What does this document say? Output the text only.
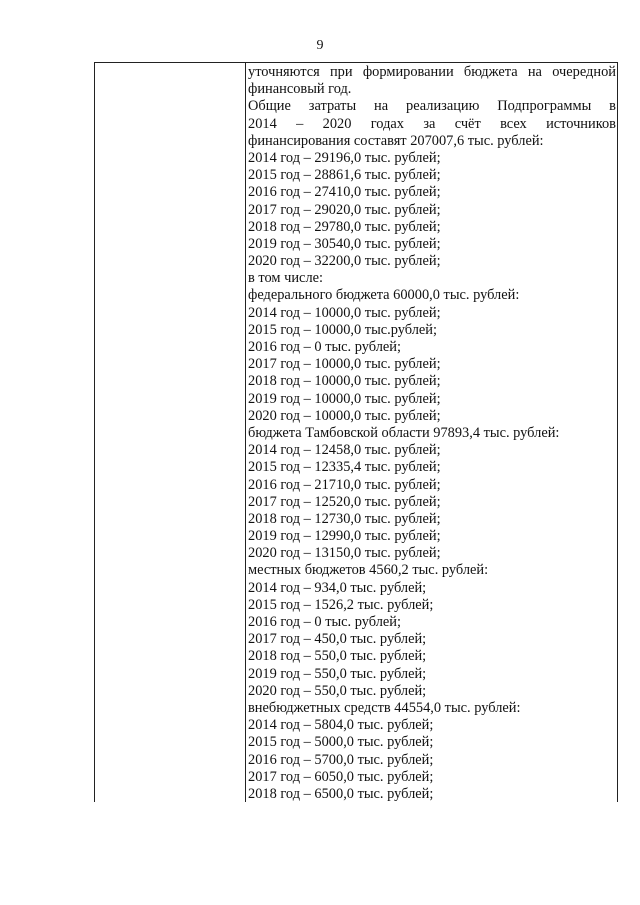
9
уточняются при формировании бюджета на очередной
финансовый год.
Общие затраты на реализацию Подпрограммы в
2014 – 2020 годах за счёт всех источников
финансирования составят 207007,6 тыс. рублей:
2014 год – 29196,0 тыс. рублей;
2015 год – 28861,6 тыс. рублей;
2016 год – 27410,0 тыс. рублей;
2017 год – 29020,0 тыс. рублей;
2018 год – 29780,0 тыс. рублей;
2019 год – 30540,0 тыс. рублей;
2020 год – 32200,0 тыс. рублей;
в том числе:
федерального бюджета 60000,0 тыс. рублей:
2014 год – 10000,0 тыс. рублей;
2015 год – 10000,0 тыс.рублей;
2016 год – 0 тыс. рублей;
2017 год – 10000,0 тыс. рублей;
2018 год – 10000,0 тыс. рублей;
2019 год – 10000,0 тыс. рублей;
2020 год – 10000,0 тыс. рублей;
бюджета Тамбовской области 97893,4 тыс. рублей:
2014 год – 12458,0 тыс. рублей;
2015 год – 12335,4 тыс. рублей;
2016 год – 21710,0 тыс. рублей;
2017 год – 12520,0 тыс. рублей;
2018 год – 12730,0 тыс. рублей;
2019 год – 12990,0 тыс. рублей;
2020 год – 13150,0 тыс. рублей;
местных бюджетов 4560,2 тыс. рублей:
2014 год – 934,0 тыс. рублей;
2015 год – 1526,2 тыс. рублей;
2016 год – 0 тыс. рублей;
2017 год – 450,0 тыс. рублей;
2018 год – 550,0 тыс. рублей;
2019 год – 550,0 тыс. рублей;
2020 год – 550,0 тыс. рублей;
внебюджетных средств 44554,0 тыс. рублей:
2014 год – 5804,0 тыс. рублей;
2015 год – 5000,0 тыс. рублей;
2016 год – 5700,0 тыс. рублей;
2017 год – 6050,0 тыс. рублей;
2018 год – 6500,0 тыс. рублей;
